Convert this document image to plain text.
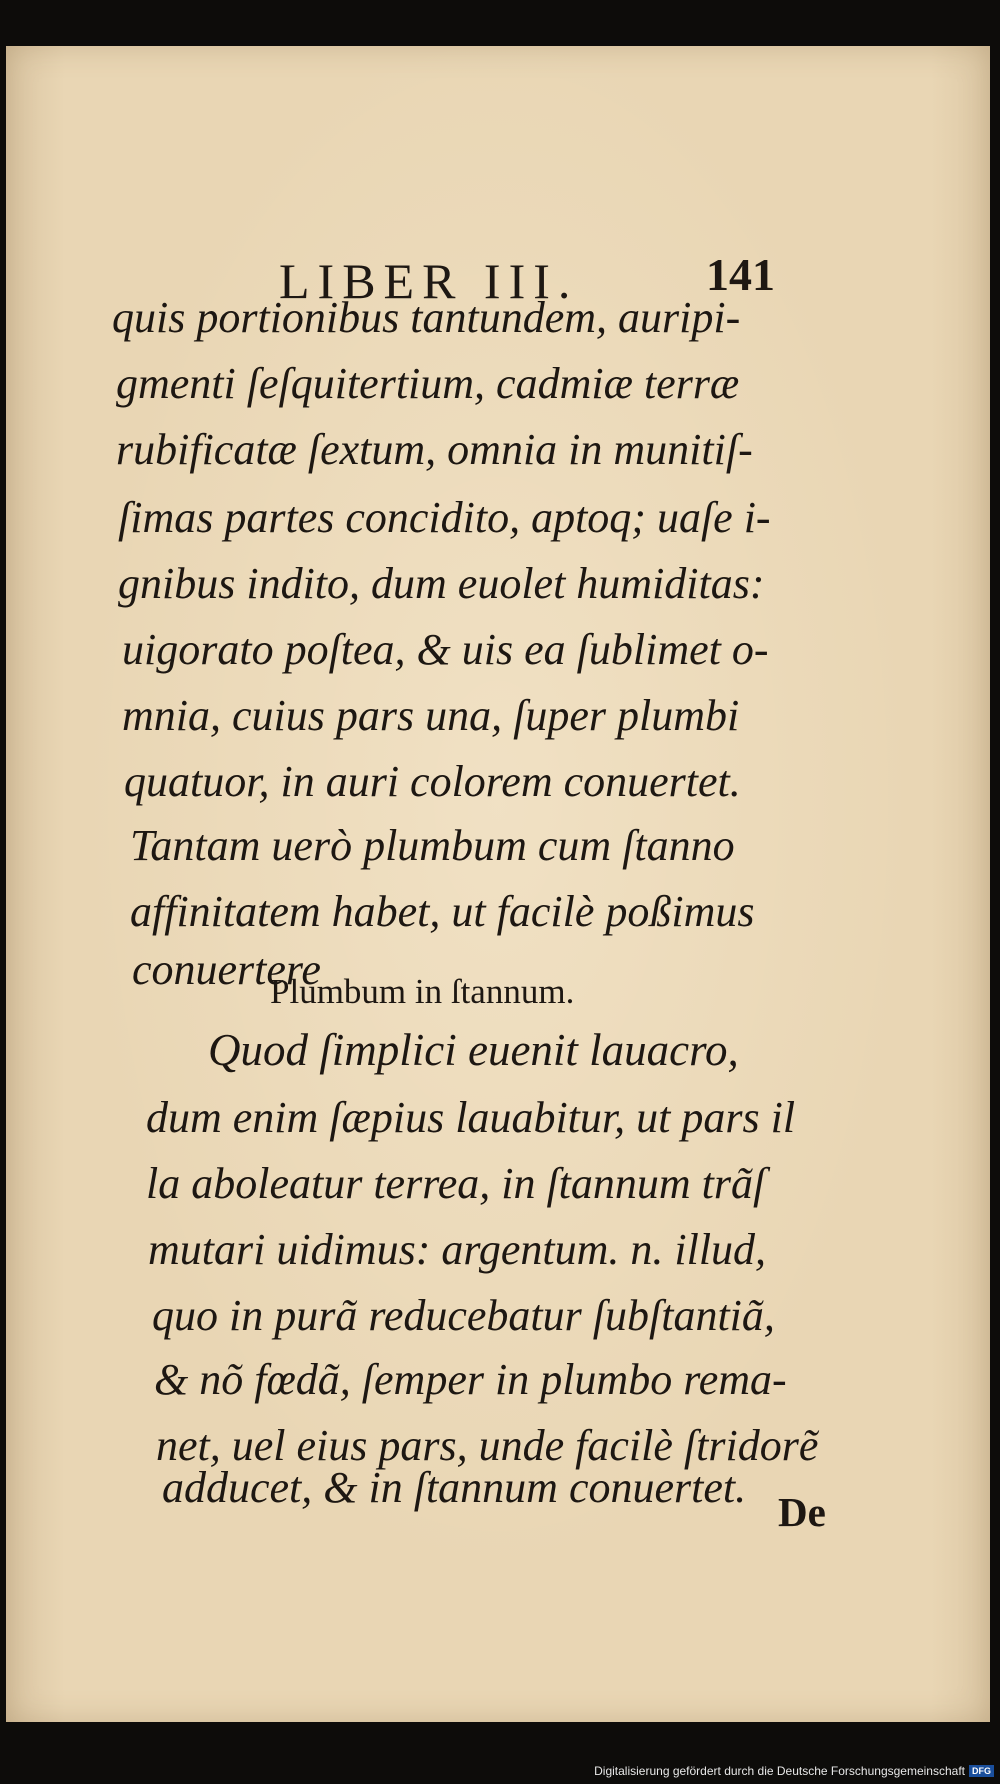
LIBER III.	141
quis portionibus tantundem, auripi-
gmenti ſeſquitertium, cadmiæ terræ
rubificatæ ſextum, omnia in munitiſ-
ſimas partes concidito, aptoq; uaſe i-
gnibus indito, dum euolet humiditas:
uigorato poſtea, & uis ea ſublimet o-
mnia, cuius pars una, ſuper plumbi
quatuor, in auri colorem conuertet.
Tantam uerò plumbum cum ſtanno
affinitatem habet, ut facilè poßimus
conuertere
Plumbum in ſtannum.
Quod ſimplici euenit lauacro,
dum enim ſæpius lauabitur, ut pars il
la aboleatur terrea, in ſtannum trãſ
mutari uidimus: argentum. n. illud,
quo in purã reducebatur ſubſtantiã,
& nõ fœdã, ſemper in plumbo rema-
net, uel eius pars, unde facilè ſtridorẽ
adducet, & in ſtannum conuertet. De
Digitalisierung gefördert durch die Deutsche Forschungsgemeinschaft DFG
